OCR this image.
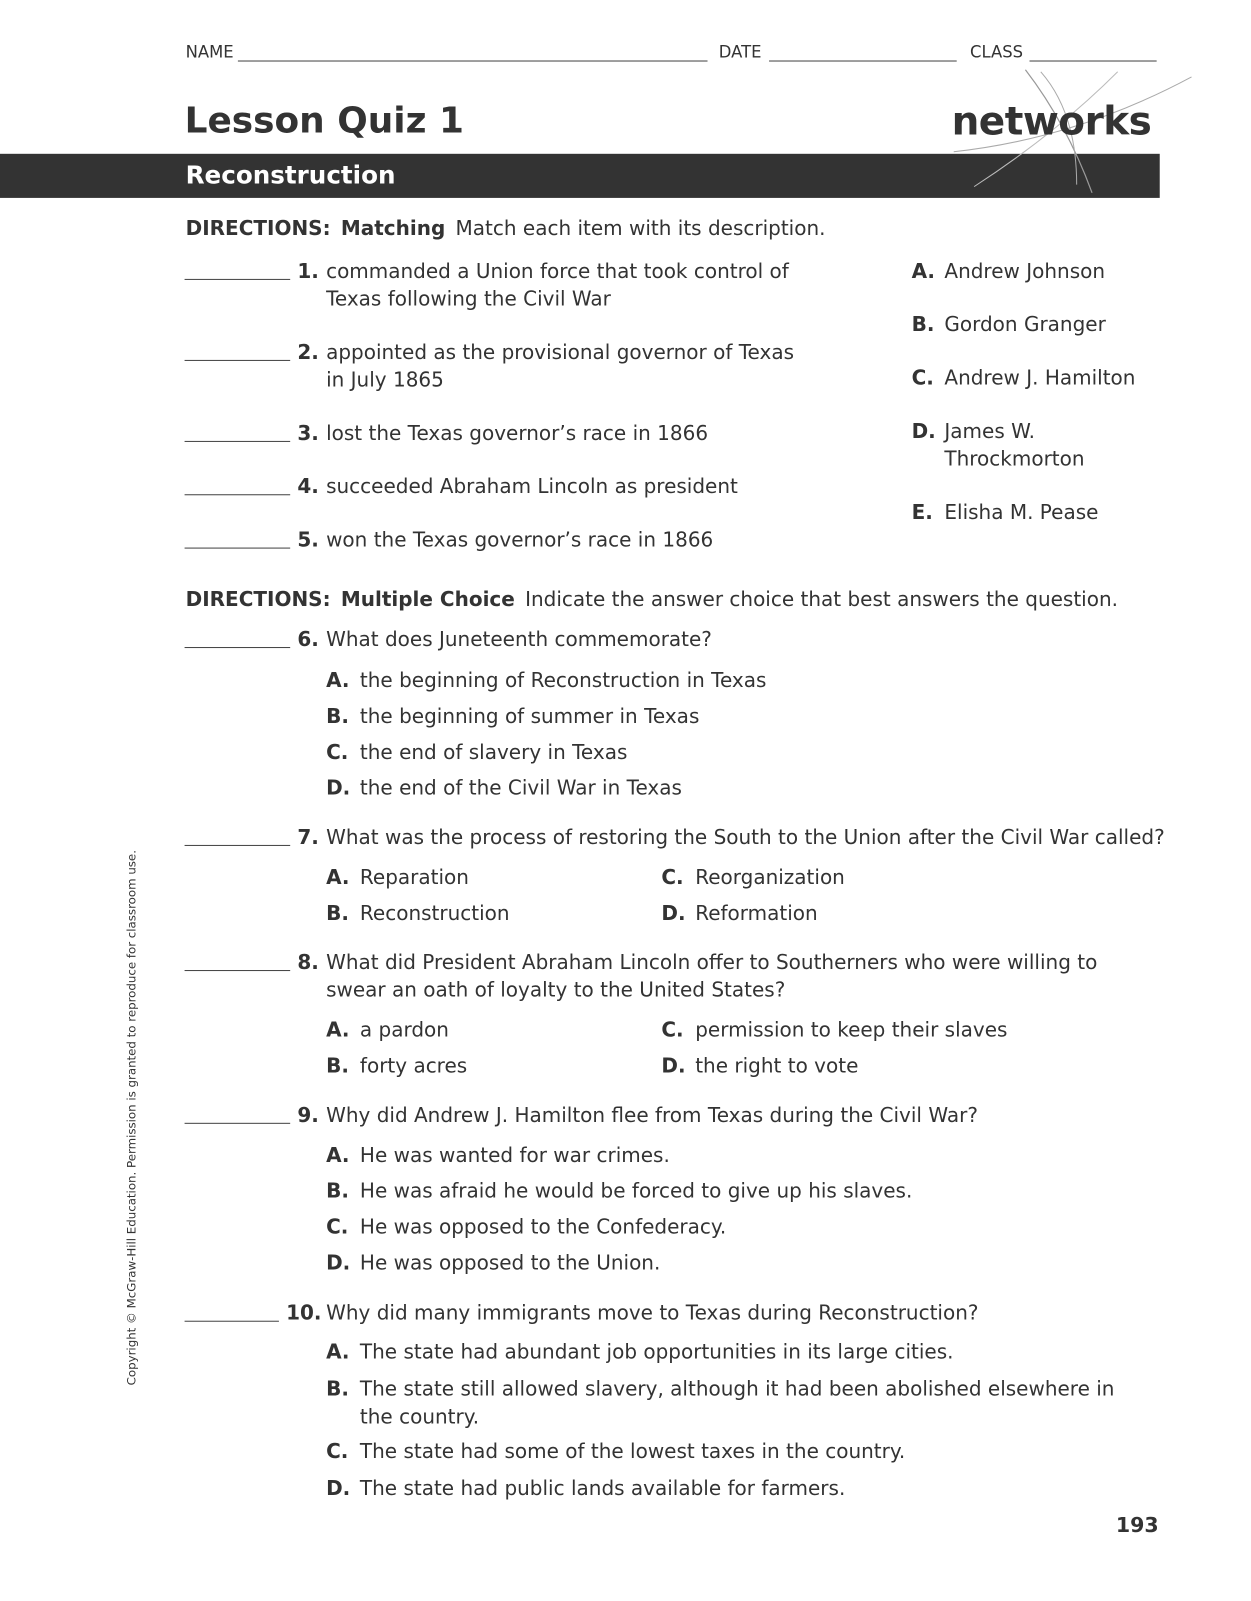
NAME	DATE	CLASS
Lesson Quiz 1
Reconstruction
networks
DIRECTIONS: Matching Match each item with its description.
1. commanded a Union force that took control of
Texas following the Civil War
2. appointed as the provisional governor of Texas
in July 1865
3. lost the Texas governor’s race in 1866
4. succeeded Abraham Lincoln as president
5. won the Texas governor’s race in 1866
A. Andrew Johnson
B. Gordon Granger
C. Andrew J. Hamilton
D. James W.
Throckmorton
E. Elisha M. Pease
DIRECTIONS: Multiple Choice Indicate the answer choice that best answers the question.
6. What does Juneteenth commemorate?
A. the beginning of Reconstruction in Texas
B. the beginning of summer in Texas
C. the end of slavery in Texas
D. the end of the Civil War in Texas
7. What was the process of restoring the South to the Union after the Civil War called?
A. Reparation
B. Reconstruction
C. Reorganization
D. Reformation
8. What did President Abraham Lincoln offer to Southerners who were willing to
swear an oath of loyalty to the United States?
A. a pardon
B. forty acres
C. permission to keep their slaves
D. the right to vote
9. Why did Andrew J. Hamilton flee from Texas during the Civil War?
A. He was wanted for war crimes.
B. He was afraid he would be forced to give up his slaves.
C. He was opposed to the Confederacy.
D. He was opposed to the Union.
10. Why did many immigrants move to Texas during Reconstruction?
A. The state had abundant job opportunities in its large cities.
B. The state still allowed slavery, although it had been abolished elsewhere in
the country.
C. The state had some of the lowest taxes in the country.
D. The state had public lands available for farmers.
Copyright © McGraw-Hill Education. Permission is granted to reproduce for classroom use.
193
